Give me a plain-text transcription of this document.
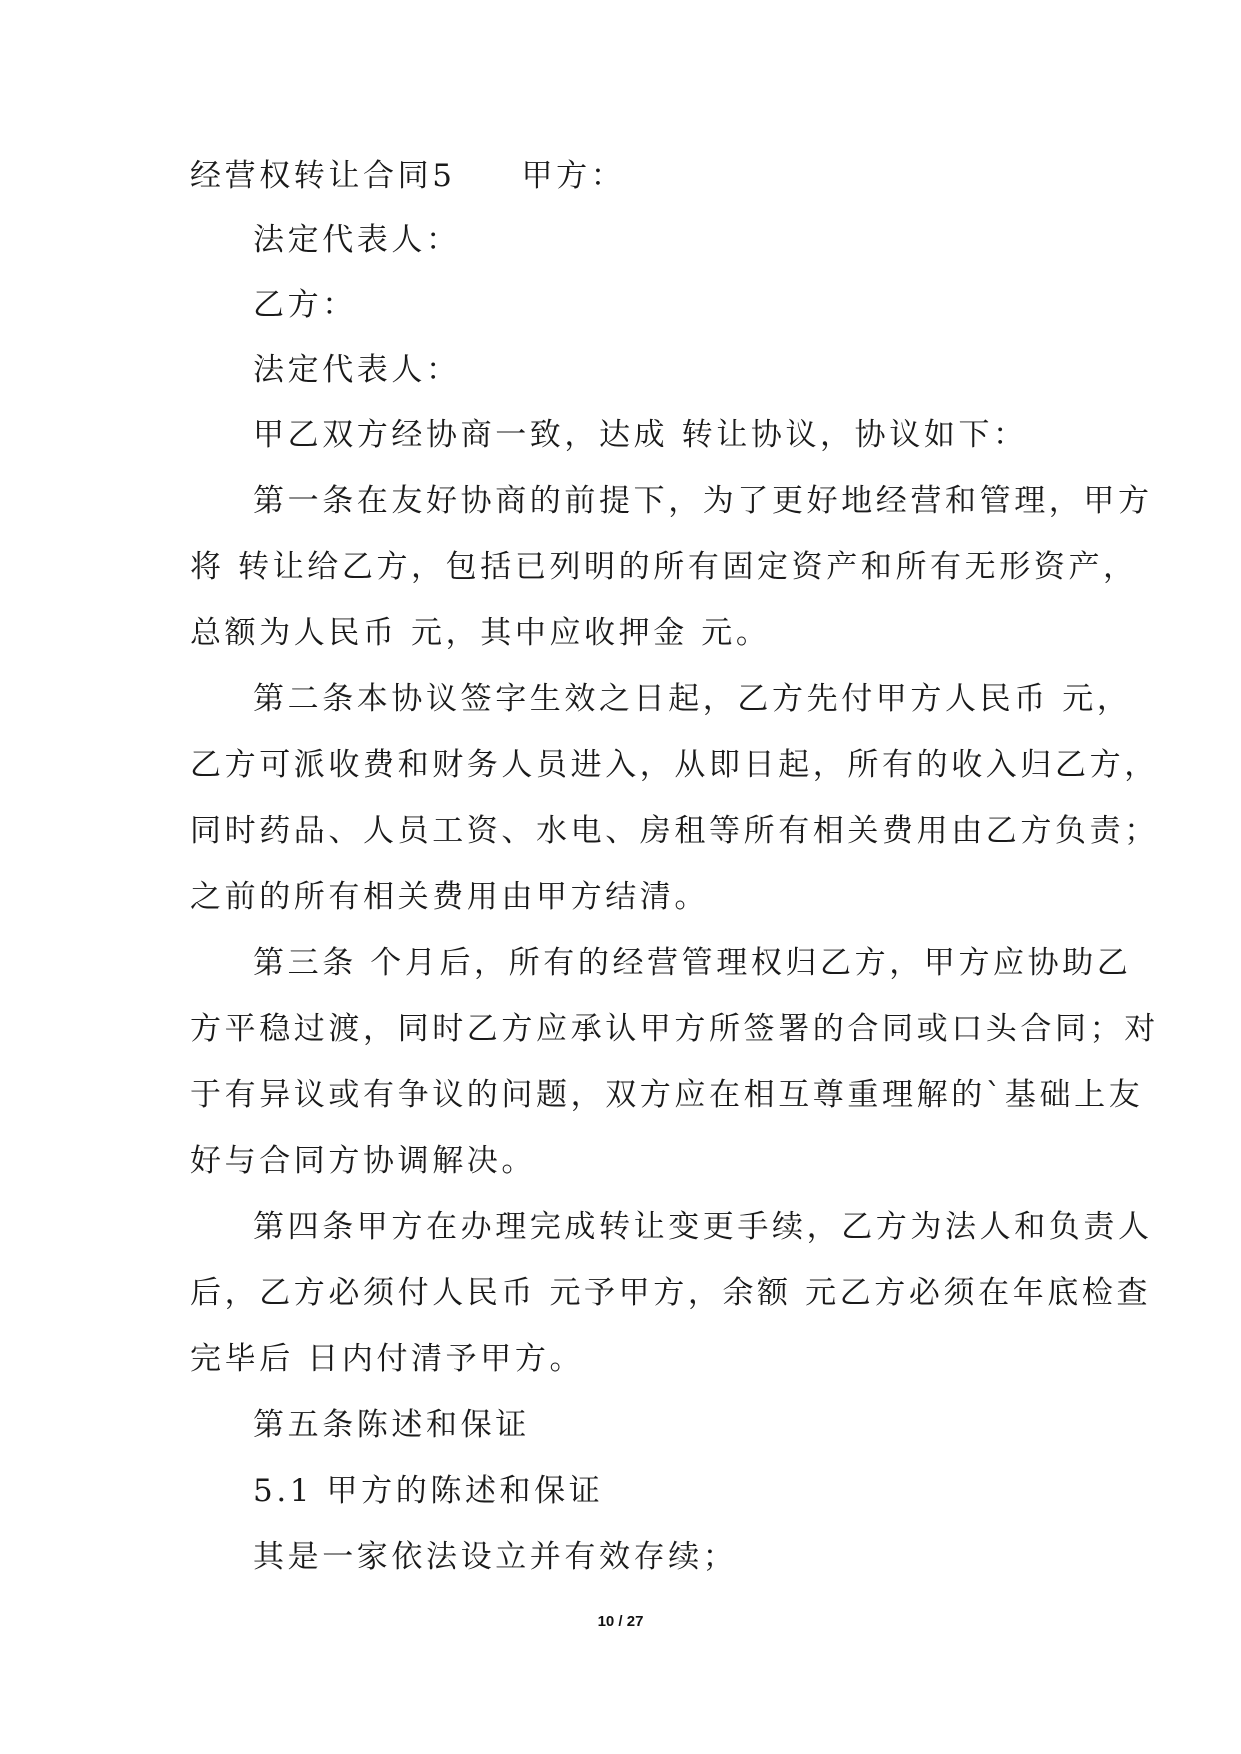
经营权转让合同5 甲方：
法定代表人：
乙方：
法定代表人：
甲乙双方经协商一致，达成 转让协议，协议如下：
第一条在友好协商的前提下，为了更好地经营和管理，甲方
将 转让给乙方，包括已列明的所有固定资产和所有无形资产，
总额为人民币 元，其中应收押金 元。
第二条本协议签字生效之日起，乙方先付甲方人民币 元，
乙方可派收费和财务人员进入，从即日起，所有的收入归乙方，
同时药品、人员工资、水电、房租等所有相关费用由乙方负责；
之前的所有相关费用由甲方结清。
第三条 个月后，所有的经营管理权归乙方，甲方应协助乙
方平稳过渡，同时乙方应承认甲方所签署的合同或口头合同；对
于有异议或有争议的问题，双方应在相互尊重理解的`基础上友
好与合同方协调解决。
第四条甲方在办理完成转让变更手续，乙方为法人和负责人
后，乙方必须付人民币 元予甲方，余额 元乙方必须在年底检查
完毕后 日内付清予甲方。
第五条陈述和保证
5.1 甲方的陈述和保证
其是一家依法设立并有效存续；
10 / 27
